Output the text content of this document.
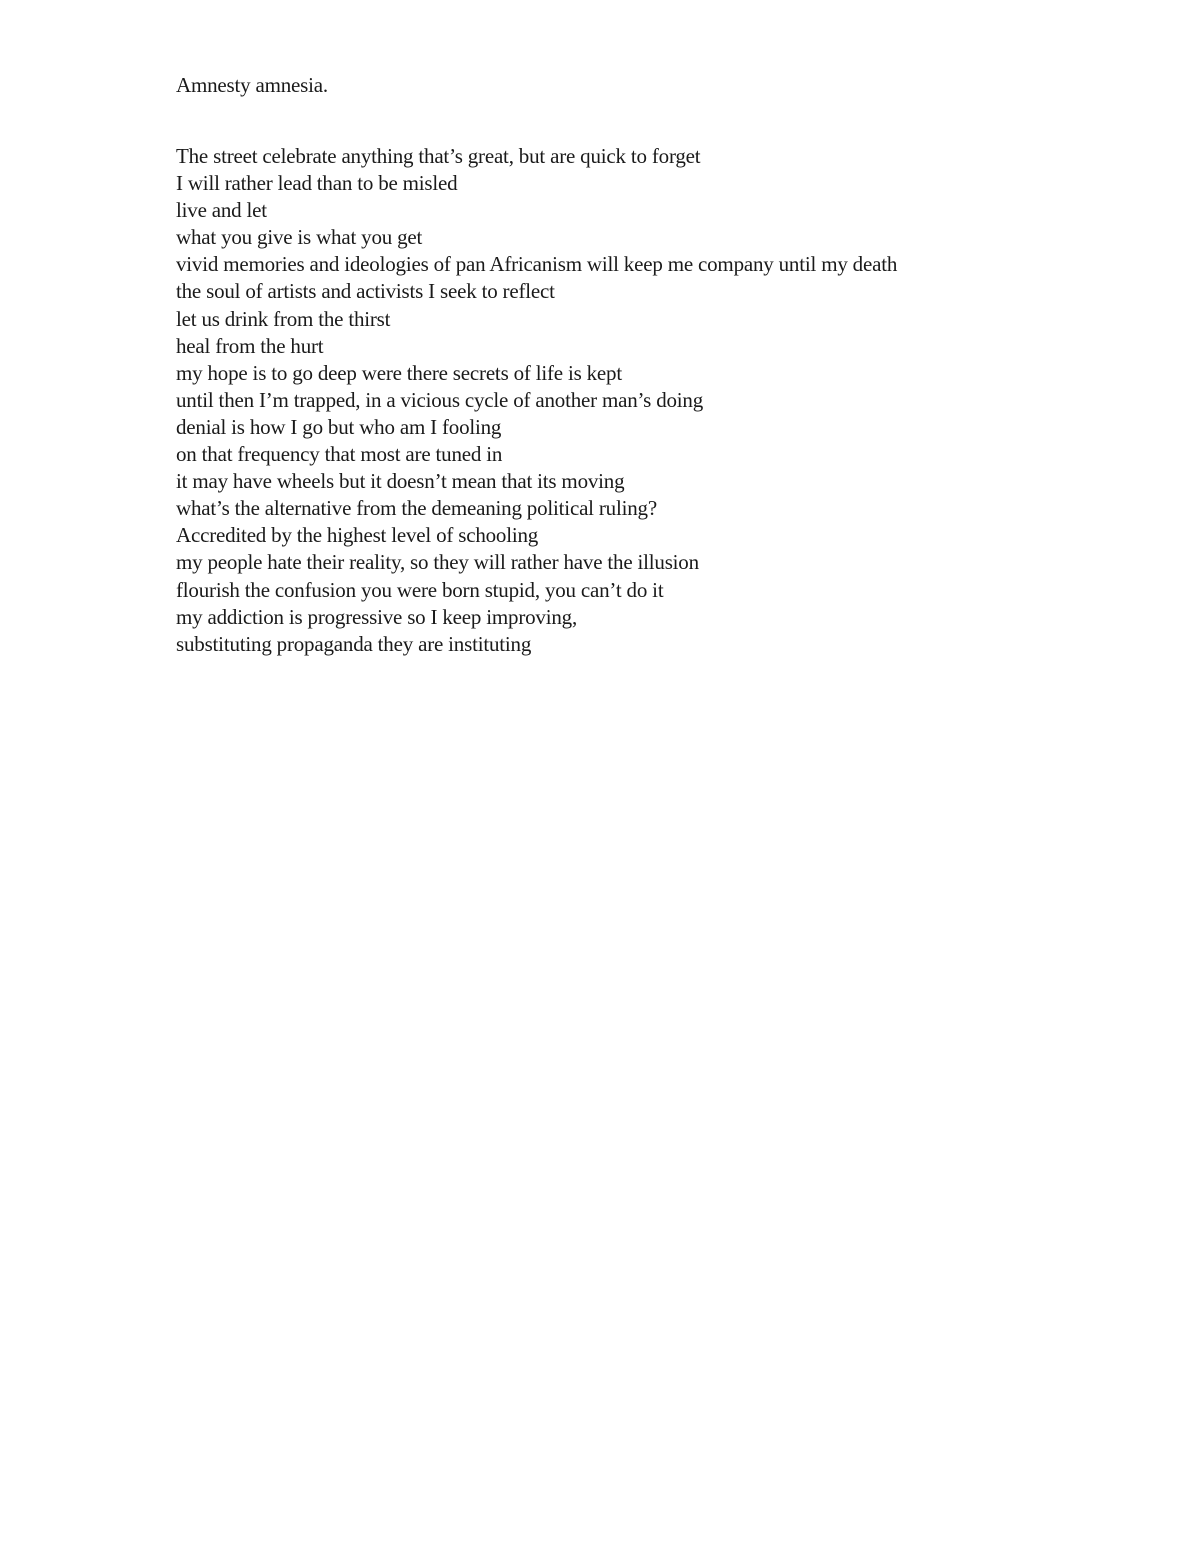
Amnesty amnesia.
The street celebrate anything that’s great, but are quick to forget
I will rather lead than to be misled
live and let
what you give is what you get
vivid memories and ideologies of pan Africanism will keep me company until my death
the soul of artists and activists I seek to reflect
let us drink from the thirst
heal from the hurt
my hope is to go deep were there secrets of life is kept
until then I’m trapped, in a vicious cycle of another man’s doing
denial is how I go but who am I fooling
on that frequency that most are tuned in
it may have wheels but it doesn’t mean that its moving
what’s the alternative from the demeaning political ruling?
Accredited by the highest level of schooling
my people hate their reality, so they will rather have the illusion
flourish the confusion you were born stupid, you can’t do it
my addiction is progressive so I keep improving,
substituting propaganda they are instituting
